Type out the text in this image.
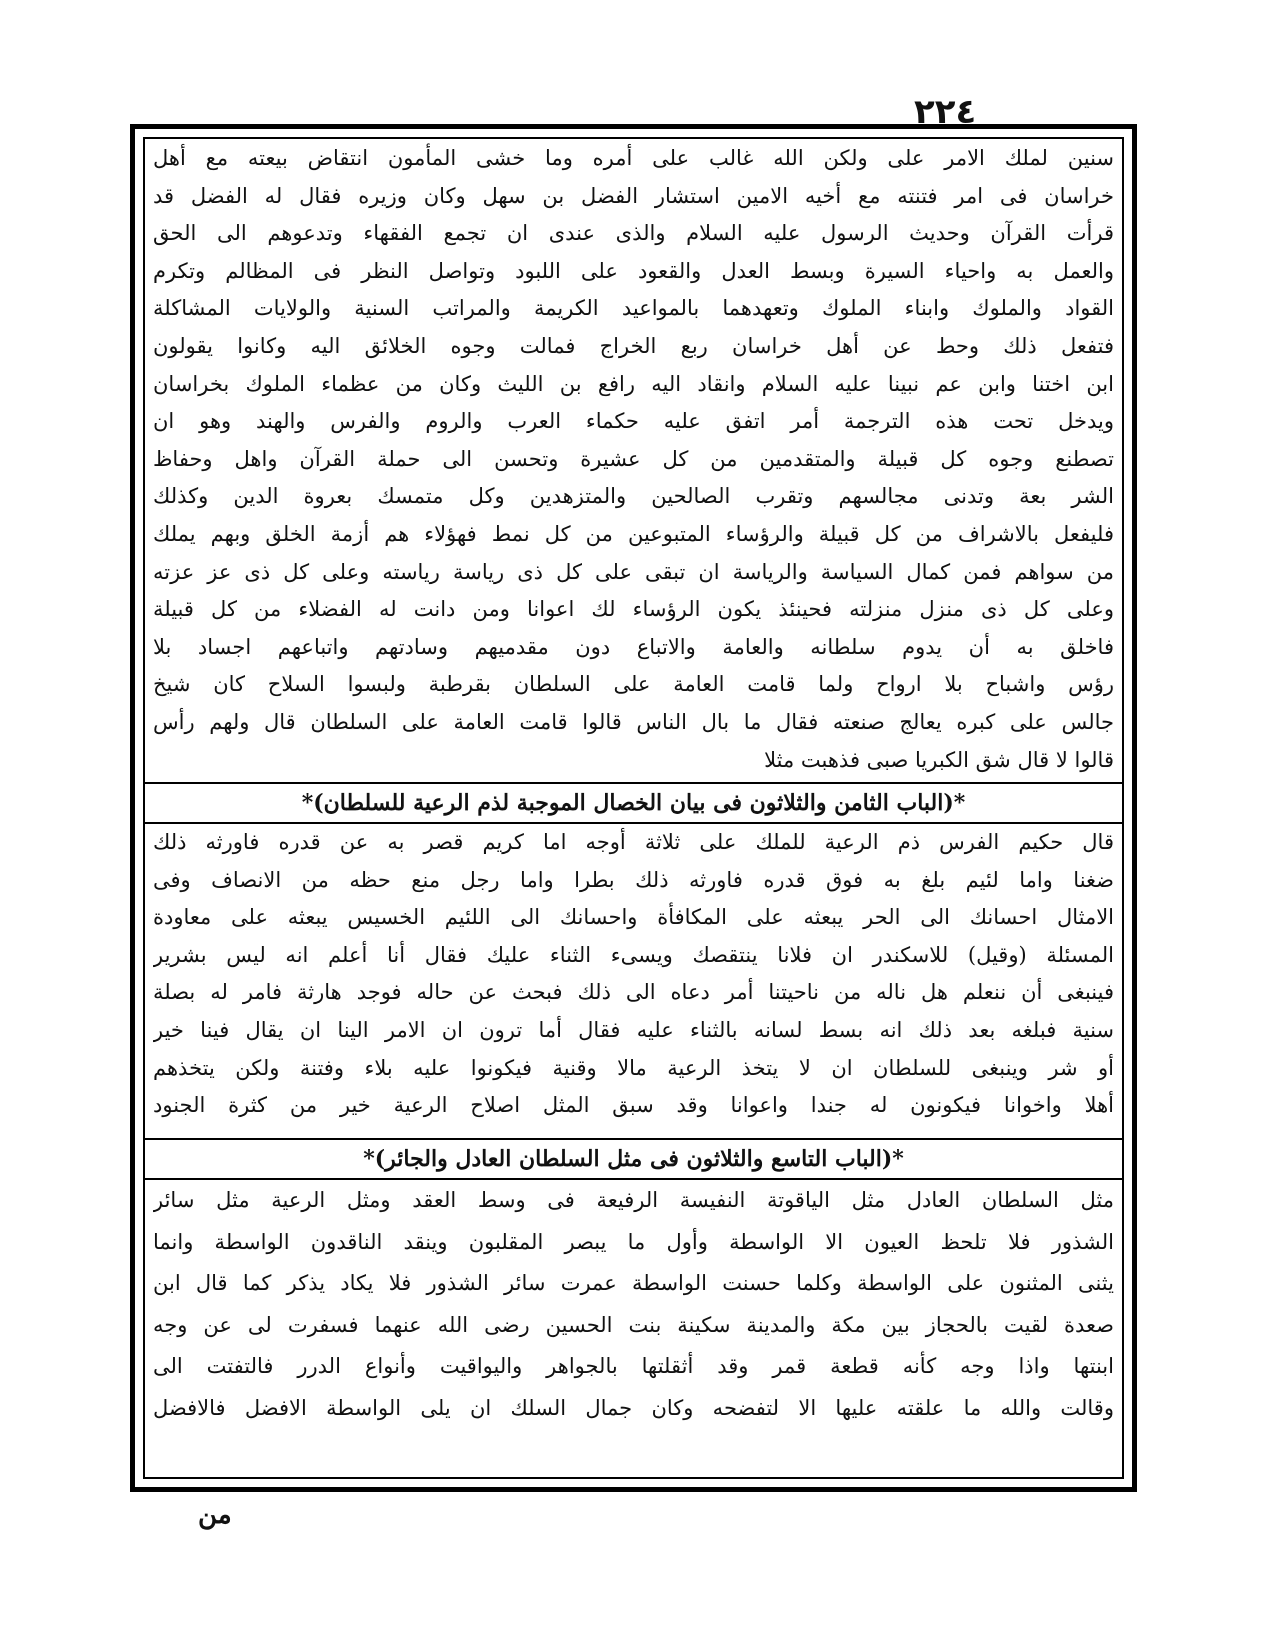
٢٢٤
سنين لملك الامر على ولكن الله غالب على أمره وما خشى المأمون انتقاض بيعته مع أهل
خراسان فى امر فتنته مع أخيه الامين استشار الفضل بن سهل وكان وزيره فقال له الفضل قد
قرأت القرآن وحديث الرسول عليه السلام والذى عندى ان تجمع الفقهاء وتدعوهم الى الحق
والعمل به واحياء السيرة وبسط العدل والقعود على اللبود وتواصل النظر فى المظالم وتكرم
القواد والملوك وابناء الملوك وتعهدهما بالمواعيد الكريمة والمراتب السنية والولايات المشاكلة
فتفعل ذلك وحط عن أهل خراسان ربع الخراج فمالت وجوه الخلائق اليه وكانوا يقولون
ابن اختنا وابن عم نبينا عليه السلام وانقاد اليه رافع بن الليث وكان من عظماء الملوك بخراسان
ويدخل تحت هذه الترجمة أمر اتفق عليه حكماء العرب والروم والفرس والهند وهو ان
تصطنع وجوه كل قبيلة والمتقدمين من كل عشيرة وتحسن الى حملة القرآن واهل وحفاظ
الشر بعة وتدنى مجالسهم وتقرب الصالحين والمتزهدين وكل متمسك بعروة الدين وكذلك
فليفعل بالاشراف من كل قبيلة والرؤساء المتبوعين من كل نمط فهؤلاء هم أزمة الخلق وبهم يملك
من سواهم فمن كمال السياسة والرياسة ان تبقى على كل ذى رياسة رياسته وعلى كل ذى عز عزته
وعلى كل ذى منزل منزلته فحينئذ يكون الرؤساء لك اعوانا ومن دانت له الفضلاء من كل قبيلة
فاخلق به أن يدوم سلطانه والعامة والاتباع دون مقدميهم وسادتهم واتباعهم اجساد بلا
رؤس واشباح بلا ارواح ولما قامت العامة على السلطان بقرطبة ولبسوا السلاح كان شيخ
جالس على كبره يعالج صنعته فقال ما بال الناس قالوا قامت العامة على السلطان قال ولهم رأس
قالوا لا قال شق الكبريا صبى فذهبت مثلا
*(الباب الثامن والثلاثون فى بيان الخصال الموجبة لذم الرعية للسلطان)*
قال حكيم الفرس ذم الرعية للملك على ثلاثة أوجه اما كريم قصر به عن قدره فاورثه ذلك
ضغنا واما لئيم بلغ به فوق قدره فاورثه ذلك بطرا واما رجل منع حظه من الانصاف وفى
الامثال احسانك الى الحر يبعثه على المكافأة واحسانك الى اللئيم الخسيس يبعثه على معاودة
المسئلة (وقيل) للاسكندر ان فلانا ينتقصك ويسىء الثناء عليك فقال أنا أعلم انه ليس بشرير
فينبغى أن ننعلم هل ناله من ناحيتنا أمر دعاه الى ذلك فبحث عن حاله فوجد هارثة فامر له بصلة
سنية فبلغه بعد ذلك انه بسط لسانه بالثناء عليه فقال أما ترون ان الامر الينا ان يقال فينا خير
أو شر وينبغى للسلطان ان لا يتخذ الرعية مالا وقنية فيكونوا عليه بلاء وفتنة ولكن يتخذهم
أهلا واخوانا فيكونون له جندا واعوانا وقد سبق المثل اصلاح الرعية خير من كثرة الجنود
*(الباب التاسع والثلاثون فى مثل السلطان العادل والجائر)*
مثل السلطان العادل مثل الياقوتة النفيسة الرفيعة فى وسط العقد ومثل الرعية مثل سائر
الشذور فلا تلحظ العيون الا الواسطة وأول ما يبصر المقلبون وينقد الناقدون الواسطة وانما
يثنى المثنون على الواسطة وكلما حسنت الواسطة عمرت سائر الشذور فلا يكاد يذكر كما قال ابن
صعدة لقيت بالحجاز بين مكة والمدينة سكينة بنت الحسين رضى الله عنهما فسفرت لى عن وجه
ابنتها واذا وجه كأنه قطعة قمر وقد أثقلتها بالجواهر واليواقيت وأنواع الدرر فالتفتت الى
وقالت والله ما علقته عليها الا لتفضحه وكان جمال السلك ان يلى الواسطة الافضل فالافضل
من
